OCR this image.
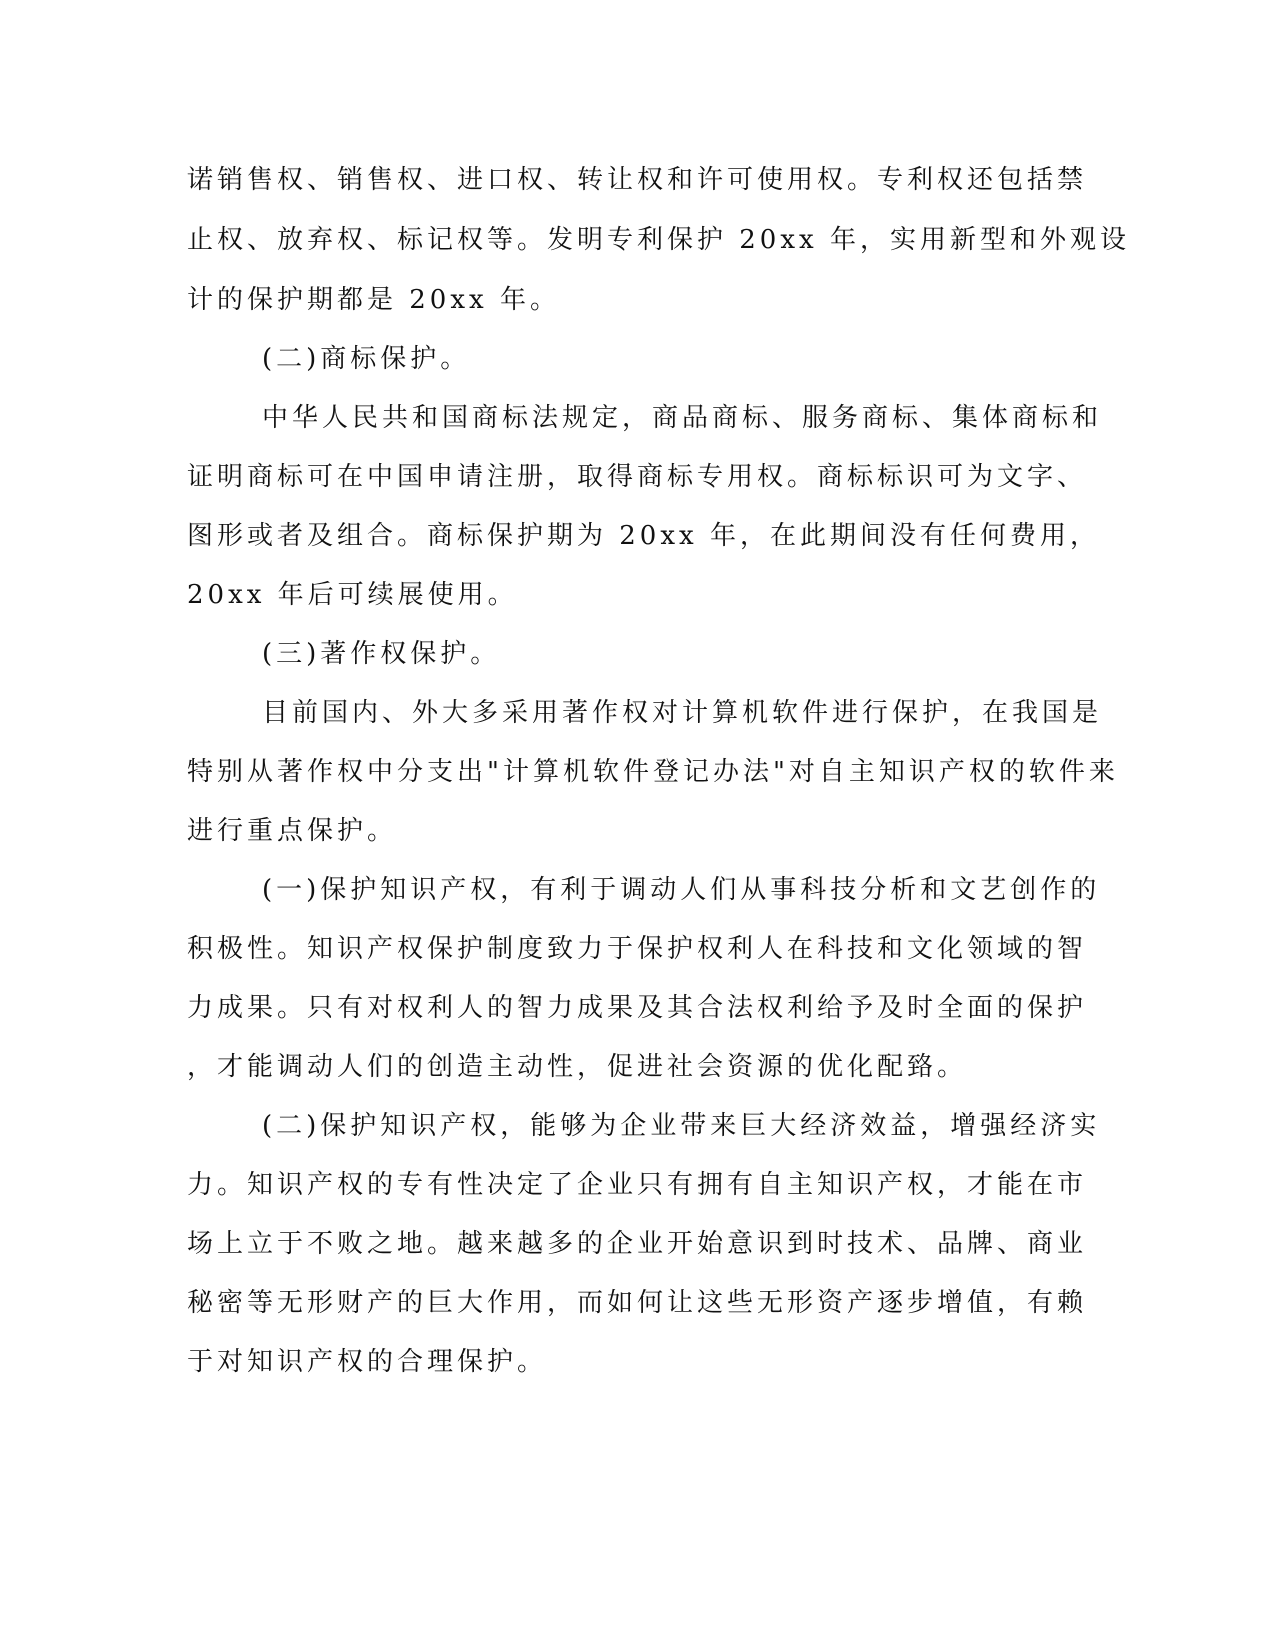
诺销售权、销售权、进口权、转让权和许可使用权。专利权还包括禁
止权、放弃权、标记权等。发明专利保护 20xx 年，实用新型和外观设
计的保护期都是 20xx 年。
(二)商标保护。
中华人民共和国商标法规定，商品商标、服务商标、集体商标和
证明商标可在中国申请注册，取得商标专用权。商标标识可为文字、
图形或者及组合。商标保护期为 20xx 年，在此期间没有任何费用，
20xx 年后可续展使用。
(三)著作权保护。
目前国内、外大多采用著作权对计算机软件进行保护，在我国是
特别从著作权中分支出"计算机软件登记办法"对自主知识产权的软件来
进行重点保护。
(一)保护知识产权，有利于调动人们从事科技分析和文艺创作的
积极性。知识产权保护制度致力于保护权利人在科技和文化领域的智
力成果。只有对权利人的智力成果及其合法权利给予及时全面的保护
，才能调动人们的创造主动性，促进社会资源的优化配臵。
(二)保护知识产权，能够为企业带来巨大经济效益，增强经济实
力。知识产权的专有性决定了企业只有拥有自主知识产权，才能在市
场上立于不败之地。越来越多的企业开始意识到时技术、品牌、商业
秘密等无形财产的巨大作用，而如何让这些无形资产逐步增值，有赖
于对知识产权的合理保护。
